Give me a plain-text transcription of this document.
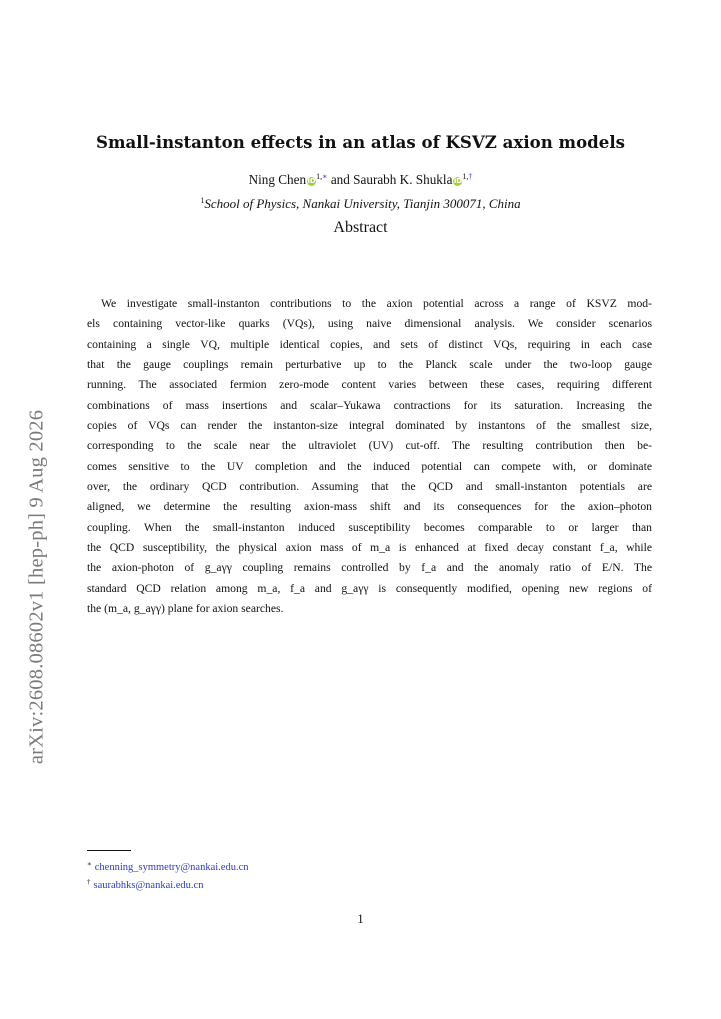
arXiv:2608.08602v1 [hep-ph] 9 Aug 2026
Small-instanton effects in an atlas of KSVZ axion models
Ning CheniD$^{1,∗}$ and Saurabh K. ShuklaiD$^{1,\dagger}$
$^1$School of Physics, Nankai University, Tianjin 300071, China
Abstract
We investigate small-instanton contributions to the axion potential across a range of KSVZ mod-
els containing vector-like quarks (VQs), using naive dimensional analysis. We consider scenarios
containing a single VQ, multiple identical copies, and sets of distinct VQs, requiring in each case
that the gauge couplings remain perturbative up to the Planck scale under the two-loop gauge
running. The associated fermion zero-mode content varies between these cases, requiring different
combinations of mass insertions and scalar–Yukawa contractions for its saturation. Increasing the
copies of VQs can render the instanton-size integral dominated by instantons of the smallest size,
corresponding to the scale near the ultraviolet (UV) cut-off. The resulting contribution then be-
comes sensitive to the UV completion and the induced potential can compete with, or dominate
over, the ordinary QCD contribution. Assuming that the QCD and small-instanton potentials are
aligned, we determine the resulting axion-mass shift and its consequences for the axion–photon
coupling. When the small-instanton induced susceptibility becomes comparable to or larger than
the QCD susceptibility, the physical axion mass of m_a is enhanced at fixed decay constant f_a, while
the axion-photon of g_aγγ coupling remains controlled by f_a and the anomaly ratio of E/N. The
standard QCD relation among m_a, f_a and g_aγγ is consequently modified, opening new regions of
the (m_a, g_aγγ) plane for axion searches.
∗ chenning_symmetry@nankai.edu.cn
† saurabhks@nankai.edu.cn
1
